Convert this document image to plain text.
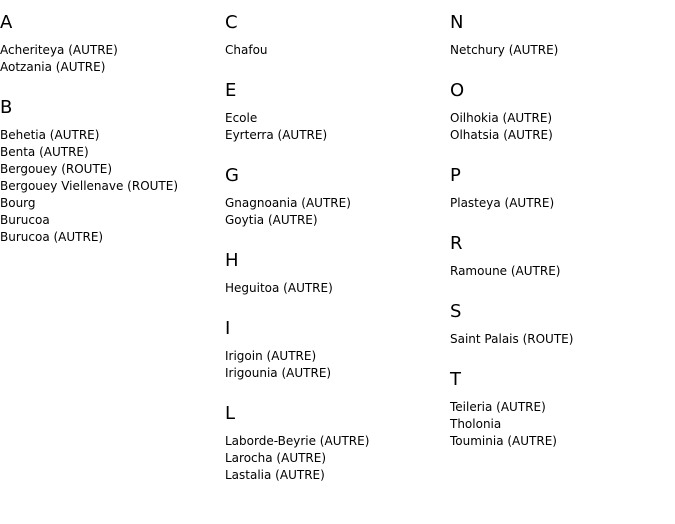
A
Acheriteya (AUTRE)
Aotzania (AUTRE)
B
Behetia (AUTRE)
Benta (AUTRE)
Bergouey (ROUTE)
Bergouey Viellenave (ROUTE)
Bourg
Burucoa
Burucoa (AUTRE)
C
Chafou
E
Ecole
Eyrterra (AUTRE)
G
Gnagnoania (AUTRE)
Goytia (AUTRE)
H
Heguitoa (AUTRE)
I
Irigoin (AUTRE)
Irigounia (AUTRE)
L
Laborde-Beyrie (AUTRE)
Larocha (AUTRE)
Lastalia (AUTRE)
N
Netchury (AUTRE)
O
Oilhokia (AUTRE)
Olhatsia (AUTRE)
P
Plasteya (AUTRE)
R
Ramoune (AUTRE)
S
Saint Palais (ROUTE)
T
Teileria (AUTRE)
Tholonia
Touminia (AUTRE)
